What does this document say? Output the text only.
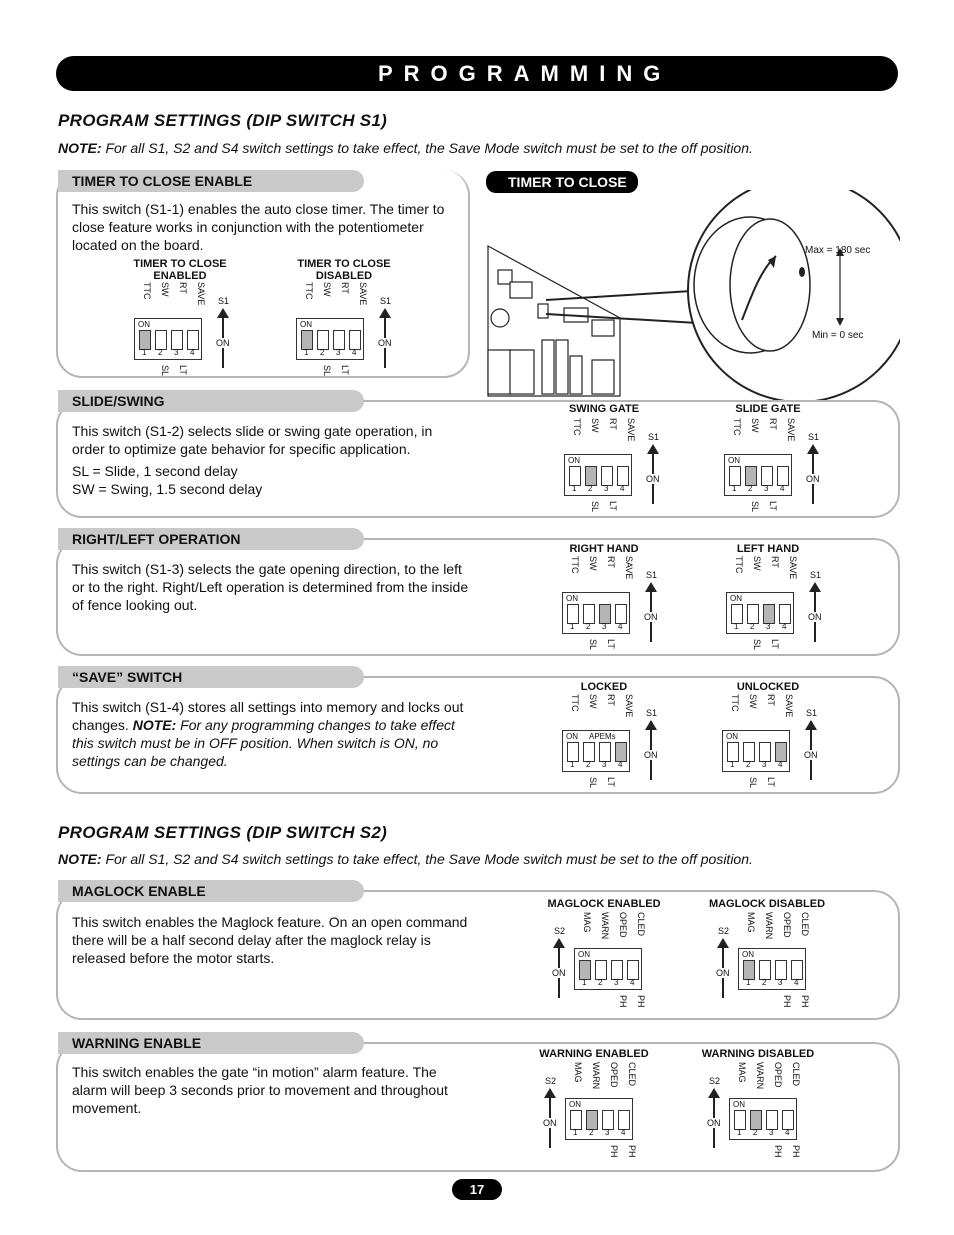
PROGRAMMING
PROGRAM SETTINGS (DIP SWITCH S1)
NOTE: For all S1, S2 and S4 switch settings to take effect, the Save Mode switch must be set to the off position.
TIMER TO CLOSE ENABLE
This switch (S1-1) enables the auto close timer. The timer to close feature works in conjunction with the potentiometer located on the board.
TIMER TO CLOSE ENABLED
TIMER TO CLOSE DISABLED
TTC SW RT SAVE
ON
1 2 3 4
SL LT
S1
ON
TTC SW RT SAVE
ON
1 2 3 4
SL LT
S1
ON
TIMER TO CLOSE
Max = 180 sec
Min = 0 sec
SLIDE/SWING

This switch (S1-2) selects slide or swing gate operation, in order to optimize gate behavior for specific application.

SL = Slide, 1 second delay

SW = Swing, 1.5 second delay

SWING GATE	SLIDE GATE
TTC SW RT SAVE
ON
1 2 3 4
SL LT
S1
ON
TTC SW RT SAVE
ON
1 2 3 4
SL LT
S1
ON
RIGHT/LEFT OPERATION
This switch (S1-3) selects the gate opening direction, to the left or to the right. Right/Left operation is determined from the inside of fence looking out.
RIGHT HAND	LEFT HAND
TTC SW RT SAVE
ON
1 2 3 4
SL LT
S1
ON
TTC SW RT SAVE
ON
1 2 3 4
SL LT
S1
ON
“SAVE” SWITCH
This switch (S1-4) stores all settings into memory and locks out changes. NOTE: For any programming changes to take effect this switch must be in OFF position. When switch is ON, no settings can be changed.
LOCKED	UNLOCKED
TTC SW RT SAVE
ON APEMs
1 2 3 4
SL LT
S1
ON
TTC SW RT SAVE
ON
1 2 3 4
SL LT
S1
ON
PROGRAM SETTINGS (DIP SWITCH S2)
NOTE: For all S1, S2 and S4 switch settings to take effect, the Save Mode switch must be set to the off position.
MAGLOCK ENABLE
This switch enables the Maglock feature. On an open command there will be a half second delay after the maglock relay is released before the motor starts.
MAGLOCK ENABLED	MAGLOCK DISABLED
MAG WARN OPED CLED
ON
1 2 3 4
PH PH
S2
ON
MAG WARN OPED CLED
ON
1 2 3 4
PH PH
S2
ON
WARNING ENABLE
This switch enables the gate “in motion” alarm feature. The alarm will beep 3 seconds prior to movement and throughout movement.
WARNING ENABLED	WARNING DISABLED
MAG WARN OPED CLED
ON
1 2 3 4
PH PH
S2
ON
MAG WARN OPED CLED
ON
1 2 3 4
PH PH
S2
ON
17
